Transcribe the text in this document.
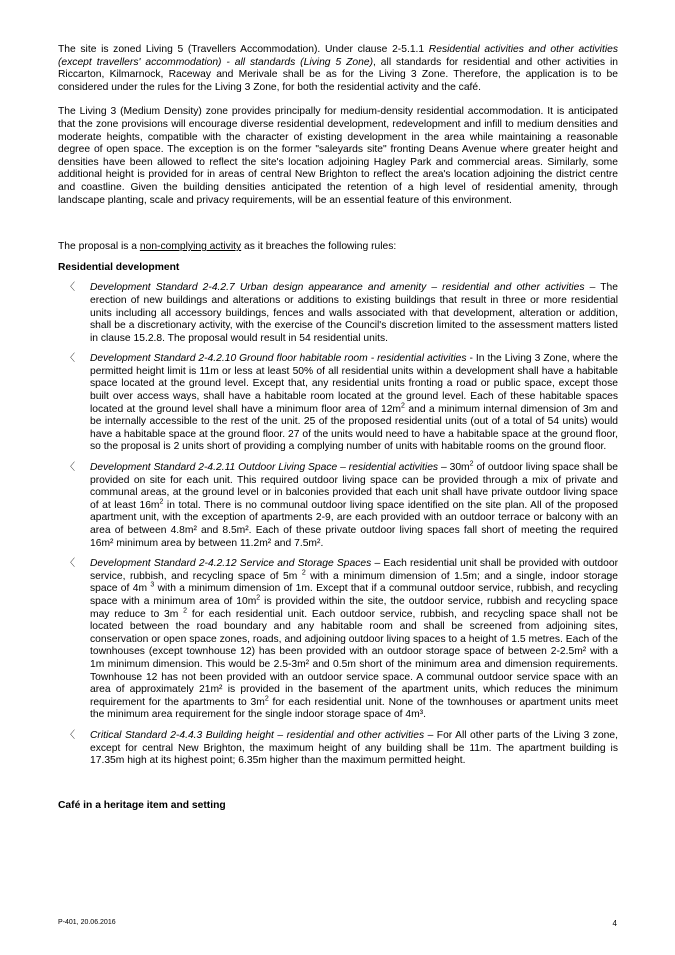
The site is zoned Living 5 (Travellers Accommodation). Under clause 2-5.1.1 Residential activities and other activities (except travellers' accommodation) - all standards (Living 5 Zone), all standards for residential and other activities in Riccarton, Kilmarnock, Raceway and Merivale shall be as for the Living 3 Zone. Therefore, the application is to be considered under the rules for the Living 3 Zone, for both the residential activity and the café.

The Living 3 (Medium Density) zone provides principally for medium-density residential accommodation. It is anticipated that the zone provisions will encourage diverse residential development, redevelopment and infill to medium densities and moderate heights, compatible with the character of existing development in the area while maintaining a reasonable degree of open space. The exception is on the former "saleyards site" fronting Deans Avenue where greater height and densities have been allowed to reflect the site's location adjoining Hagley Park and commercial areas. Similarly, some additional height is provided for in areas of central New Brighton to reflect the area's location adjoining the district centre and coastline. Given the building densities anticipated the retention of a high level of residential amenity, through landscape planting, scale and privacy requirements, will be an essential feature of this environment.

The proposal is a non-complying activity as it breaches the following rules:

Residential development
〈 Development Standard 2-4.2.7 Urban design appearance and amenity – residential and other activities – The erection of new buildings and alterations or additions to existing buildings that result in three or more residential units including all accessory buildings, fences and walls associated with that development, alteration or addition, shall be a discretionary activity, with the exercise of the Council's discretion limited to the assessment matters listed in clause 15.2.8. The proposal would result in 54 residential units.
〈 Development Standard 2-4.2.10 Ground floor habitable room - residential activities - In the Living 3 Zone, where the permitted height limit is 11m or less at least 50% of all residential units within a development shall have a habitable space located at the ground level. Except that, any residential units fronting a road or public space, except those built over access ways, shall have a habitable room located at the ground level. Each of these habitable spaces located at the ground level shall have a minimum floor area of $12m^2$ and a minimum internal dimension of 3m and be internally accessible to the rest of the unit. 25 of the proposed residential units (out of a total of 54 units) would have a habitable space at the ground floor. 27 of the units would need to have a habitable space at the ground floor, so the proposal is 2 units short of providing a complying number of units with habitable rooms on the ground floor.
〈 Development Standard 2-4.2.11 Outdoor Living Space – residential activities – $30m^2$ of outdoor living space shall be provided on site for each unit. This required outdoor living space can be provided through a mix of private and communal areas, at the ground level or in balconies provided that each unit shall have private outdoor living space of at least $16m^2$ in total. There is no communal outdoor living space identified on the site plan. All of the proposed apartment unit, with the exception of apartments 2-9, are each provided with an outdoor terrace or balcony with an area of between 4.8m² and 8.5m². Each of these private outdoor living spaces fall short of meeting the required 16m² minimum area by between 11.2m² and 7.5m².
〈 Development Standard 2-4.2.12 Service and Storage Spaces – Each residential unit shall be provided with outdoor service, rubbish, and recycling space of 5m $^2$ with a minimum dimension of 1.5m; and a single, indoor storage space of 4m $^3$ with a minimum dimension of 1m. Except that if a communal outdoor service, rubbish, and recycling space with a minimum area of $10m^2$ is provided within the site, the outdoor service, rubbish and recycling space may reduce to 3m $^2$ for each residential unit. Each outdoor service, rubbish, and recycling space shall not be located between the road boundary and any habitable room and shall be screened from adjoining sites, conservation or open space zones, roads, and adjoining outdoor living spaces to a height of 1.5 metres. Each of the townhouses (except townhouse 12) has been provided with an outdoor storage space of between 2-2.5m² with a 1m minimum dimension. This would be 2.5-3m² and 0.5m short of the minimum area and dimension requirements. Townhouse 12 has not been provided with an outdoor service space. A communal outdoor service space with an area of approximately 21m² is provided in the basement of the apartment units, which reduces the minimum requirement for the apartments to $3m^2$ for each residential unit. None of the townhouses or apartment units meet the minimum area requirement for the single indoor storage space of 4m³.
〈 Critical Standard 2-4.4.3 Building height – residential and other activities – For All other parts of the Living 3 zone, except for central New Brighton, the maximum height of any building shall be 11m. The apartment building is 17.35m high at its highest point; 6.35m higher than the maximum permitted height.
Café in a heritage item and setting
P-401, 20.06.2016	4
